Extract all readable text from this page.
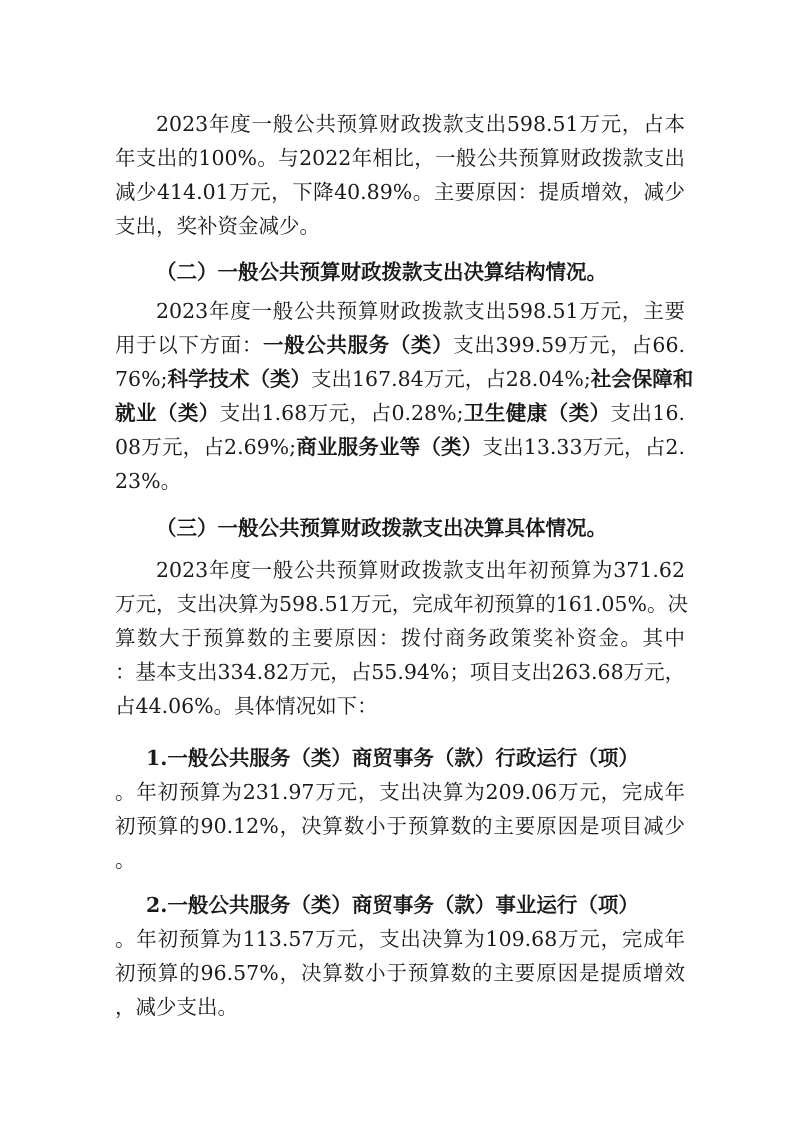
2023年度一般公共预算财政拨款支出598.51万元，占本
年支出的100%。与2022年相比，一般公共预算财政拨款支出
减少414.01万元，下降40.89%。主要原因：提质增效，减少
支出，奖补资金减少。
（二）一般公共预算财政拨款支出决算结构情况。
2023年度一般公共预算财政拨款支出598.51万元，主要
用于以下方面：一般公共服务（类）支出399.59万元，占66.
76%;科学技术（类）支出167.84万元，占28.04%;社会保障和
就业（类）支出1.68万元，占0.28%;卫生健康（类）支出16.
08万元，占2.69%;商业服务业等（类）支出13.33万元，占2.
23%。
（三）一般公共预算财政拨款支出决算具体情况。
2023年度一般公共预算财政拨款支出年初预算为371.62
万元，支出决算为598.51万元，完成年初预算的161.05%。决
算数大于预算数的主要原因：拨付商务政策奖补资金。其中
：基本支出334.82万元，占55.94%；项目支出263.68万元，
占44.06%。具体情况如下：
1.一般公共服务（类）商贸事务（款）行政运行（项）
。年初预算为231.97万元，支出决算为209.06万元，完成年
初预算的90.12%，决算数小于预算数的主要原因是项目减少
。
2.一般公共服务（类）商贸事务（款）事业运行（项）
。年初预算为113.57万元，支出决算为109.68万元，完成年
初预算的96.57%，决算数小于预算数的主要原因是提质增效
，减少支出。
